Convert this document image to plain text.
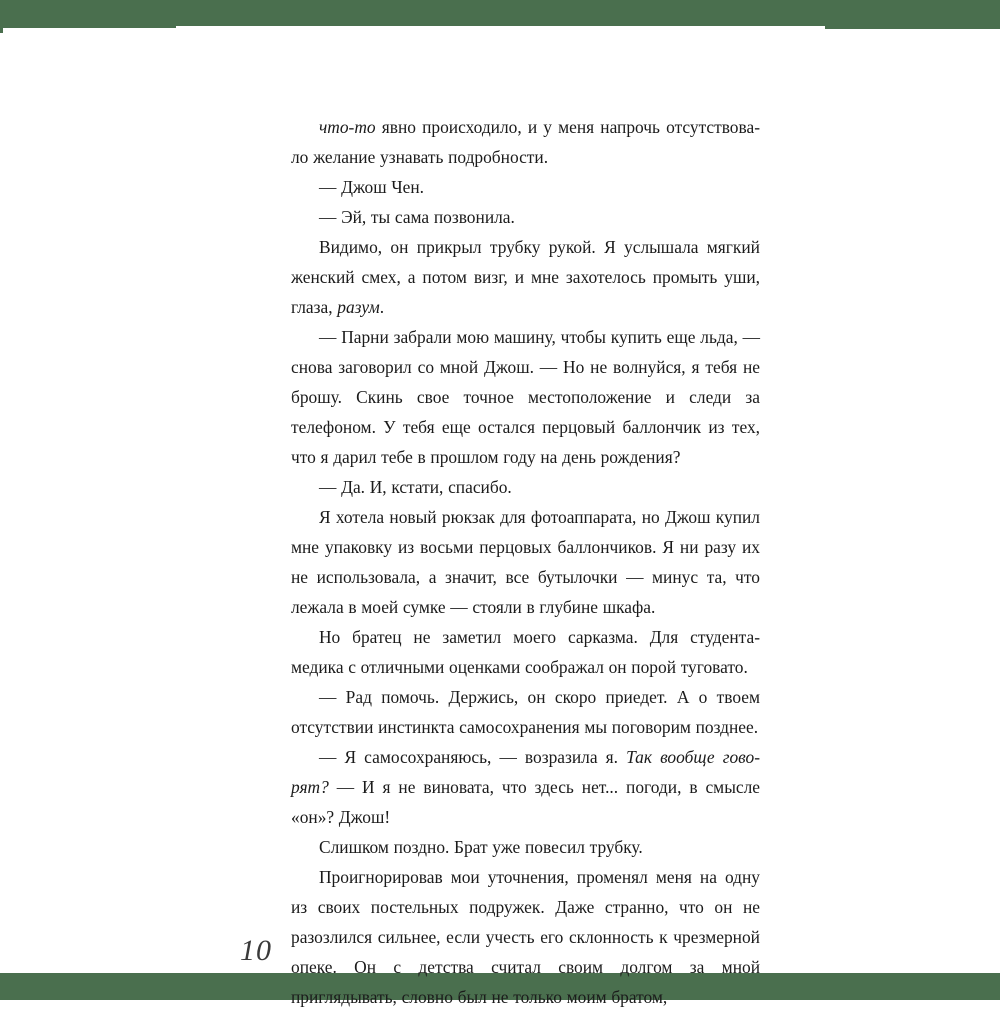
что-то явно происходило, и у меня напрочь отсутствовало желание узнавать подробности.

— Джош Чен.

— Эй, ты сама позвонила.

Видимо, он прикрыл трубку рукой. Я услышала мягкий женский смех, а потом визг, и мне захотелось промыть уши, глаза, разум.

— Парни забрали мою машину, чтобы купить еще льда, — снова заговорил со мной Джош. — Но не волнуйся, я тебя не брошу. Скинь свое точное местоположение и следи за телефоном. У тебя еще остался перцовый баллончик из тех, что я дарил тебе в прошлом году на день рождения?

— Да. И, кстати, спасибо.

Я хотела новый рюкзак для фотоаппарата, но Джош купил мне упаковку из восьми перцовых баллончиков. Я ни разу их не использовала, а значит, все бутылочки — минус та, что лежала в моей сумке — стояли в глубине шкафа.

Но братец не заметил моего сарказма. Для студента-медика с отличными оценками соображал он порой туговато.

— Рад помочь. Держись, он скоро приедет. А о твоем отсутствии инстинкта самосохранения мы поговорим позднее.

— Я самосохраняюсь, — возразила я. Так вообще говорят? — И я не виновата, что здесь нет... погоди, в смысле «он»? Джош!

Слишком поздно. Брат уже повесил трубку.

Проигнорировав мои уточнения, променял меня на одну из своих постельных подружек. Даже странно, что он не разозлился сильнее, если учесть его склонность к чрезмерной опеке. Он с детства считал своим долгом за мной приглядывать, словно был не только моим братом,

10
